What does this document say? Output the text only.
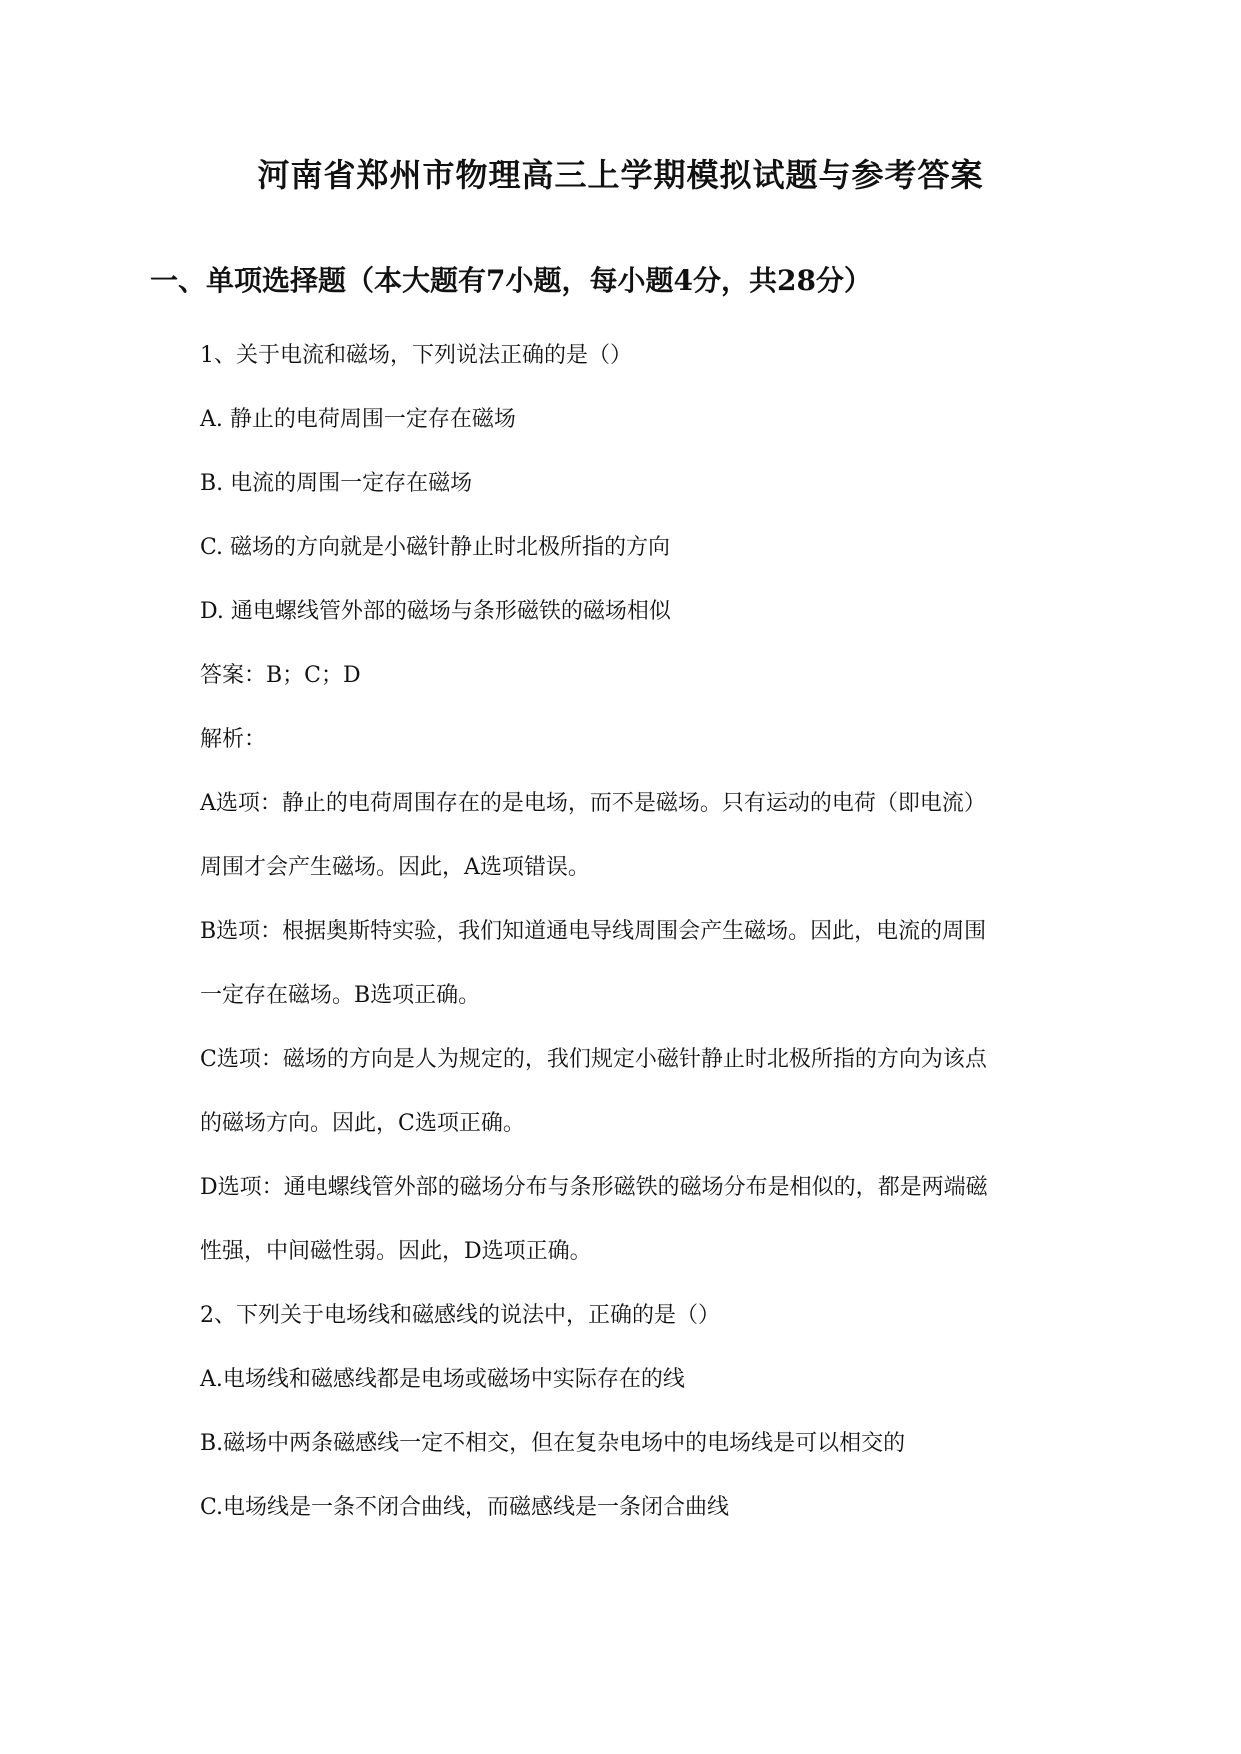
河南省郑州市物理高三上学期模拟试题与参考答案
一、单项选择题（本大题有7小题，每小题4分，共28分）
1、关于电流和磁场，下列说法正确的是（）
A. 静止的电荷周围一定存在磁场
B. 电流的周围一定存在磁场
C. 磁场的方向就是小磁针静止时北极所指的方向
D. 通电螺线管外部的磁场与条形磁铁的磁场相似
答案：B；C；D
解析：
A选项：静止的电荷周围存在的是电场，而不是磁场。只有运动的电荷（即电流）
周围才会产生磁场。因此，A选项错误。
B选项：根据奥斯特实验，我们知道通电导线周围会产生磁场。因此，电流的周围
一定存在磁场。B选项正确。
C选项：磁场的方向是人为规定的，我们规定小磁针静止时北极所指的方向为该点
的磁场方向。因此，C选项正确。
D选项：通电螺线管外部的磁场分布与条形磁铁的磁场分布是相似的，都是两端磁
性强，中间磁性弱。因此，D选项正确。
2、下列关于电场线和磁感线的说法中，正确的是（）
A.电场线和磁感线都是电场或磁场中实际存在的线
B.磁场中两条磁感线一定不相交，但在复杂电场中的电场线是可以相交的
C.电场线是一条不闭合曲线，而磁感线是一条闭合曲线
